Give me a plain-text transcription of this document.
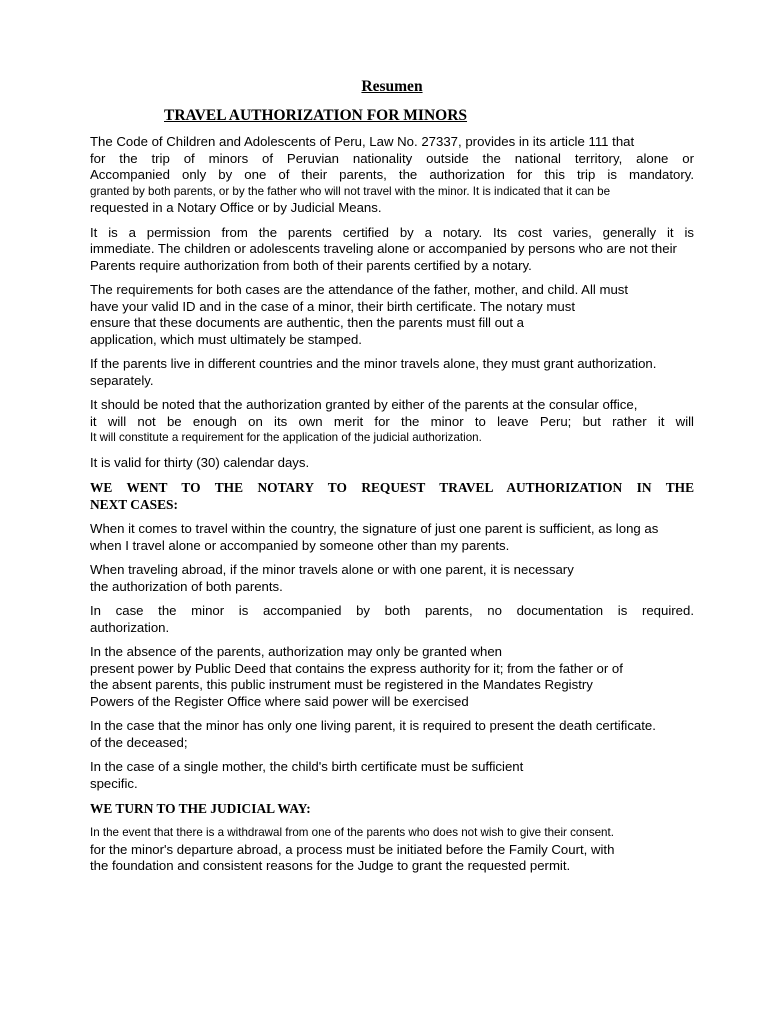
Resumen
TRAVEL AUTHORIZATION FOR MINORS
The Code of Children and Adolescents of Peru, Law No. 27337, provides in its article 111 that
for the trip of minors of Peruvian nationality outside the national territory, alone or
Accompanied only by one of their parents, the authorization for this trip is mandatory.
granted by both parents, or by the father who will not travel with the minor. It is indicated that it can be
requested in a Notary Office or by Judicial Means.
It is a permission from the parents certified by a notary. Its cost varies, generally it is
immediate. The children or adolescents traveling alone or accompanied by persons who are not their
Parents require authorization from both of their parents certified by a notary.
The requirements for both cases are the attendance of the father, mother, and child. All must
have your valid ID and in the case of a minor, their birth certificate. The notary must
ensure that these documents are authentic, then the parents must fill out a
application, which must ultimately be stamped.
If the parents live in different countries and the minor travels alone, they must grant authorization.
separately.
It should be noted that the authorization granted by either of the parents at the consular office,
it will not be enough on its own merit for the minor to leave Peru; but rather it will
It will constitute a requirement for the application of the judicial authorization.
It is valid for thirty (30) calendar days.
WE WENT TO THE NOTARY TO REQUEST TRAVEL AUTHORIZATION IN THE
NEXT CASES:
When it comes to travel within the country, the signature of just one parent is sufficient, as long as
when I travel alone or accompanied by someone other than my parents.
When traveling abroad, if the minor travels alone or with one parent, it is necessary
the authorization of both parents.
In case the minor is accompanied by both parents, no documentation is required.
authorization.
In the absence of the parents, authorization may only be granted when
present power by Public Deed that contains the express authority for it; from the father or of
the absent parents, this public instrument must be registered in the Mandates Registry
Powers of the Register Office where said power will be exercised
In the case that the minor has only one living parent, it is required to present the death certificate.
of the deceased;
In the case of a single mother, the child's birth certificate must be sufficient
specific.
WE TURN TO THE JUDICIAL WAY:
In the event that there is a withdrawal from one of the parents who does not wish to give their consent.
for the minor's departure abroad, a process must be initiated before the Family Court, with
the foundation and consistent reasons for the Judge to grant the requested permit.
